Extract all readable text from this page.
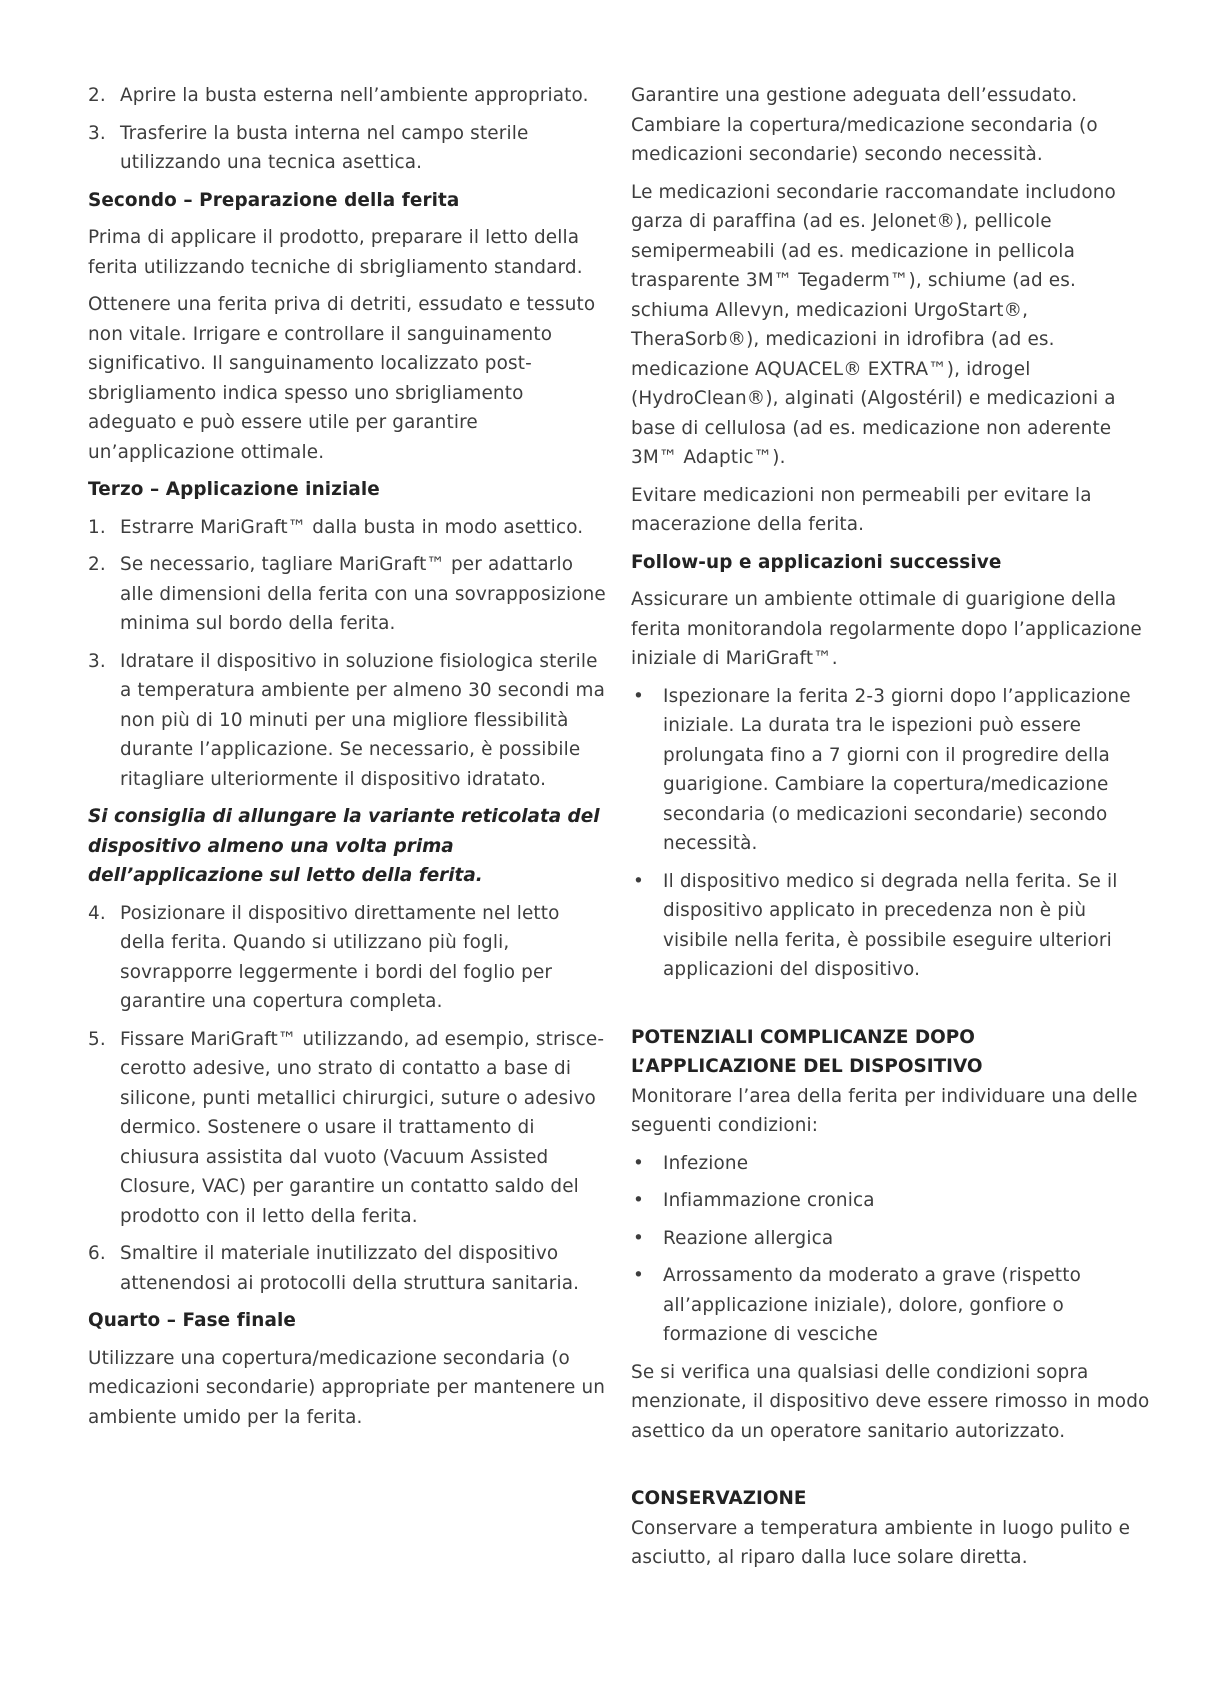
2. Aprire la busta esterna nell’ambiente appropriato.
3. Trasferire la busta interna nel campo sterile utilizzando una tecnica asettica.
Secondo – Preparazione della ferita

Prima di applicare il prodotto, preparare il letto della ferita utilizzando tecniche di sbrigliamento standard.

Ottenere una ferita priva di detriti, essudato e tessuto non vitale. Irrigare e controllare il sanguinamento significativo. Il sanguinamento localizzato post-sbrigliamento indica spesso uno sbrigliamento adeguato e può essere utile per garantire un’applicazione ottimale.

Terzo – Applicazione iniziale
1. Estrarre MariGraft™ dalla busta in modo asettico.
2. Se necessario, tagliare MariGraft™ per adattarlo alle dimensioni della ferita con una sovrapposizione minima sul bordo della ferita.
3. Idratare il dispositivo in soluzione fisiologica sterile a temperatura ambiente per almeno 30 secondi ma non più di 10 minuti per una migliore flessibilità durante l’applicazione. Se necessario, è possibile ritagliare ulteriormente il dispositivo idratato.
Si consiglia di allungare la variante reticolata del dispositivo almeno una volta prima dell’applicazione sul letto della ferita.
4. Posizionare il dispositivo direttamente nel letto della ferita. Quando si utilizzano più fogli, sovrapporre leggermente i bordi del foglio per garantire una copertura completa.
5. Fissare MariGraft™ utilizzando, ad esempio, strisce-cerotto adesive, uno strato di contatto a base di silicone, punti metallici chirurgici, suture o adesivo dermico. Sostenere o usare il trattamento di chiusura assistita dal vuoto (Vacuum Assisted Closure, VAC) per garantire un contatto saldo del prodotto con il letto della ferita.
6. Smaltire il materiale inutilizzato del dispositivo attenendosi ai protocolli della struttura sanitaria.
Quarto – Fase finale

Utilizzare una copertura/medicazione secondaria (o medicazioni secondarie) appropriate per mantenere un ambiente umido per la ferita.

Garantire una gestione adeguata dell’essudato. Cambiare la copertura/medicazione secondaria (o medicazioni secondarie) secondo necessità.

Le medicazioni secondarie raccomandate includono garza di paraffina (ad es. Jelonet®), pellicole semipermeabili (ad es. medicazione in pellicola trasparente 3M™ Tegaderm™), schiume (ad es. schiuma Allevyn, medicazioni UrgoStart®, TheraSorb®), medicazioni in idrofibra (ad es. medicazione AQUACEL® EXTRA™), idrogel (HydroClean®), alginati (Algostéril) e medicazioni a base di cellulosa (ad es. medicazione non aderente 3M™ Adaptic™).

Evitare medicazioni non permeabili per evitare la macerazione della ferita.

Follow-up e applicazioni successive

Assicurare un ambiente ottimale di guarigione della ferita monitorandola regolarmente dopo l’applicazione iniziale di MariGraft™.

• Ispezionare la ferita 2-3 giorni dopo l’applicazione iniziale. La durata tra le ispezioni può essere prolungata fino a 7 giorni con il progredire della guarigione. Cambiare la copertura/medicazione secondaria (o medicazioni secondarie) secondo necessità.
• Il dispositivo medico si degrada nella ferita. Se il dispositivo applicato in precedenza non è più visibile nella ferita, è possibile eseguire ulteriori applicazioni del dispositivo.
POTENZIALI COMPLICANZE DOPO
L’APPLICAZIONE DEL DISPOSITIVO

Monitorare l’area della ferita per individuare una delle seguenti condizioni:

• Infezione
• Infiammazione cronica
• Reazione allergica
• Arrossamento da moderato a grave (rispetto all’applicazione iniziale), dolore, gonfiore o formazione di vesciche

Se si verifica una qualsiasi delle condizioni sopra menzionate, il dispositivo deve essere rimosso in modo asettico da un operatore sanitario autorizzato.

CONSERVAZIONE

Conservare a temperatura ambiente in luogo pulito e asciutto, al riparo dalla luce solare diretta.
